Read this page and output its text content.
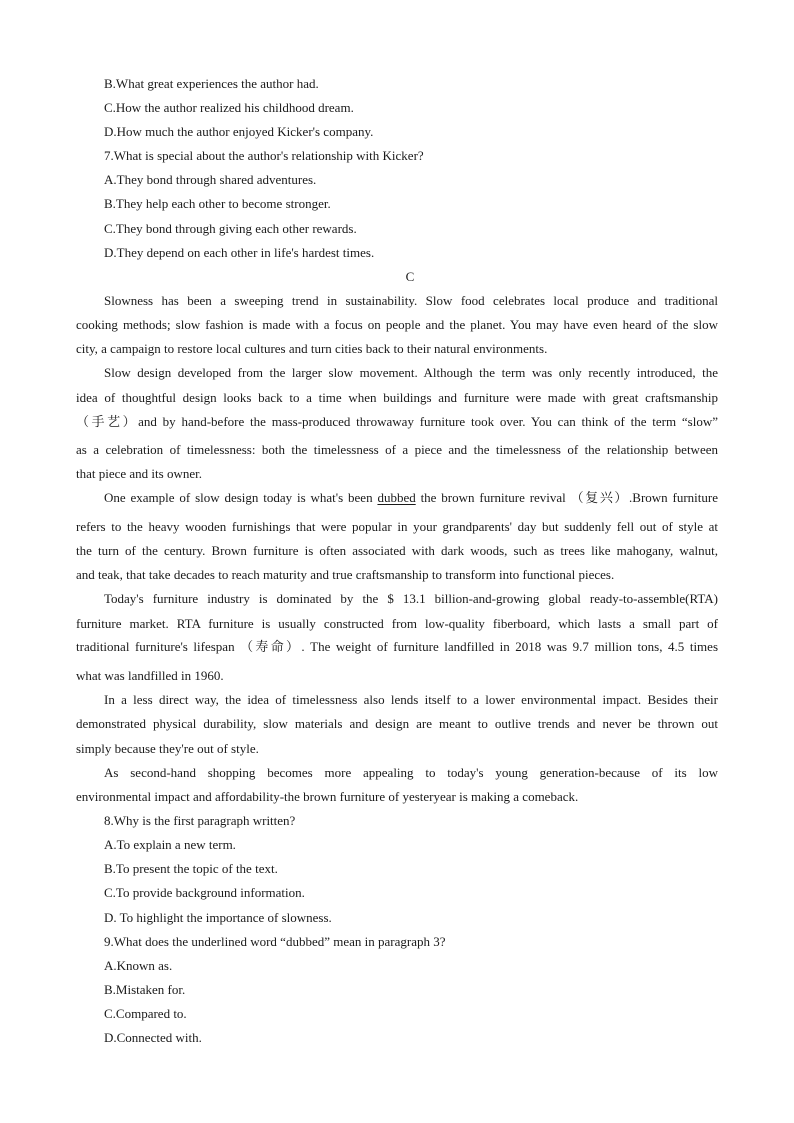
B.What great experiences the author had.
C.How the author realized his childhood dream.
D.How much the author enjoyed Kicker's company.
7.What is special about the author's relationship with Kicker?
A.They bond through shared adventures.
B.They help each other to become stronger.
C.They bond through giving each other rewards.
D.They depend on each other in life's hardest times.
C
Slowness has been a sweeping trend in sustainability. Slow food celebrates local produce and traditional
cooking methods; slow fashion is made with a focus on people and the planet. You may have even heard of the slow
city, a campaign to restore local cultures and turn cities back to their natural environments.
Slow design developed from the larger slow movement. Although the term was only recently introduced, the
idea of thoughtful design looks back to a time when buildings and furniture were made with great craftsmanship
（手艺）and by hand-before the mass-produced throwaway furniture took over. You can think of the term “slow”
as a celebration of timelessness: both the timelessness of a piece and the timelessness of the relationship between
that piece and its owner.
One example of slow design today is what's been dubbed the brown furniture revival （复兴）.Brown furniture
refers to the heavy wooden furnishings that were popular in your grandparents' day but suddenly fell out of style at
the turn of the century. Brown furniture is often associated with dark woods, such as trees like mahogany, walnut,
and teak, that take decades to reach maturity and true craftsmanship to transform into functional pieces.
Today's furniture industry is dominated by the $ 13.1 billion-and-growing global ready-to-assemble(RTA)
furniture market. RTA furniture is usually constructed from low-quality fiberboard, which lasts a small part of
traditional furniture's lifespan （寿命）. The weight of furniture landfilled in 2018 was 9.7 million tons, 4.5 times
what was landfilled in 1960.
In a less direct way, the idea of timelessness also lends itself to a lower environmental impact. Besides their
demonstrated physical durability, slow materials and design are meant to outlive trends and never be thrown out
simply because they're out of style.
As second-hand shopping becomes more appealing to today's young generation-because of its low
environmental impact and affordability-the brown furniture of yesteryear is making a comeback.
8.Why is the first paragraph written?
A.To explain a new term.
B.To present the topic of the text.
C.To provide background information.
D. To highlight the importance of slowness.
9.What does the underlined word “dubbed” mean in paragraph 3?
A.Known as.
B.Mistaken for.
C.Compared to.
D.Connected with.
